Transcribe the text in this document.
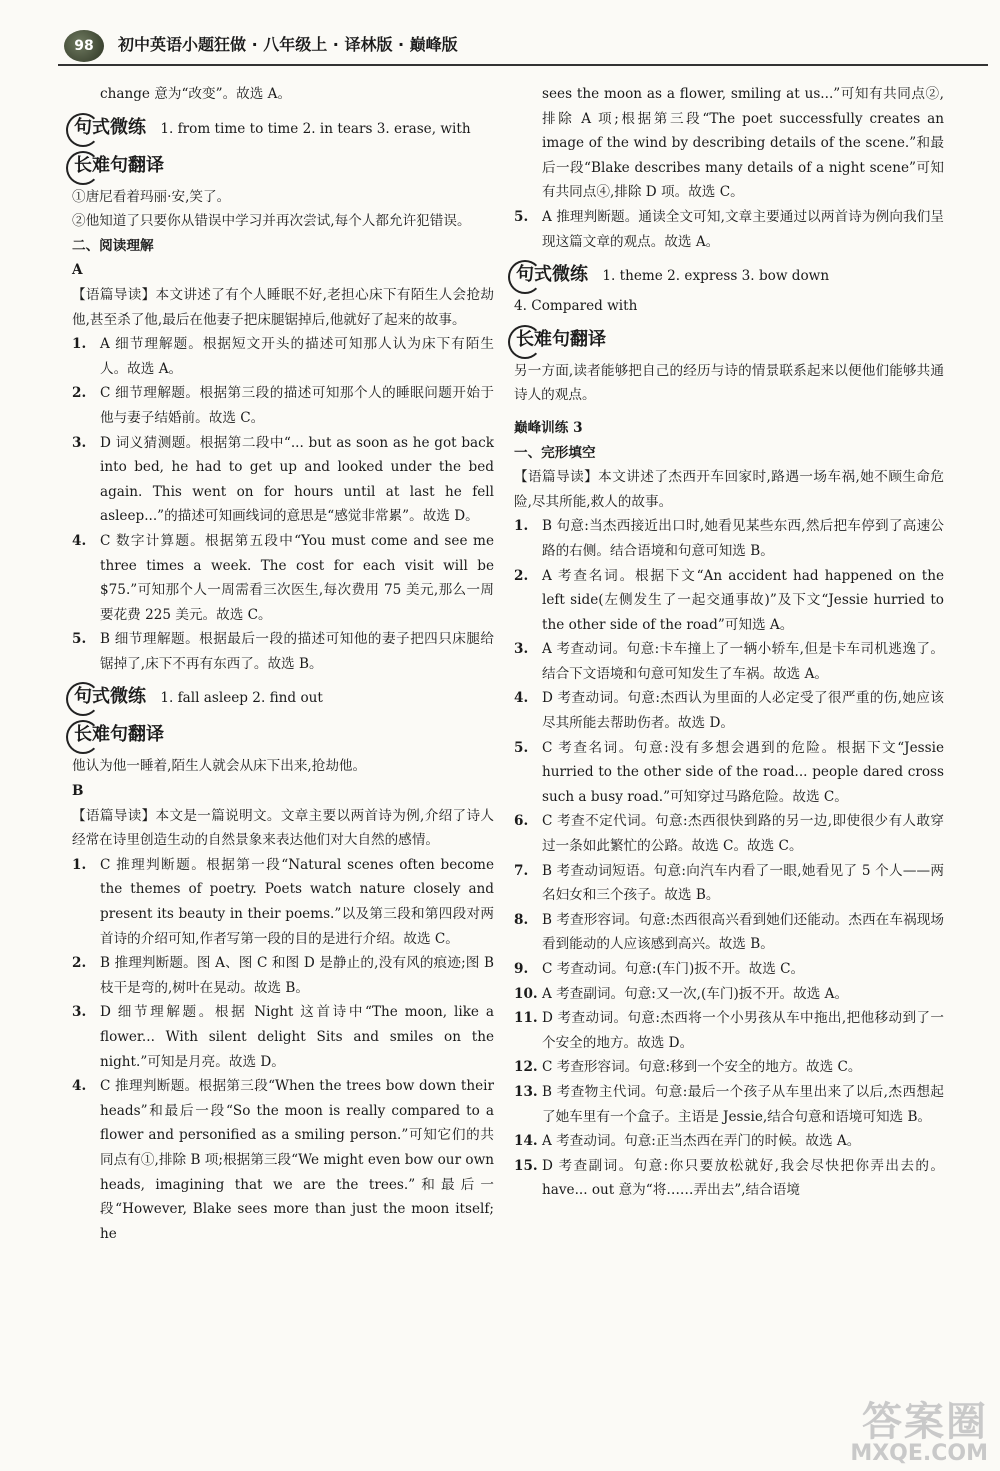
98	初中英语小题狂做 · 八年级上 · 译林版 · 巅峰版

change 意为“改变”。故选 A。

句式微练 1. from time to time 2. in tears 3. erase, with
长难句翻译

①唐尼看着玛丽·安,笑了。

②他知道了只要你从错误中学习并再次尝试,每个人都允许犯错误。

二、阅读理解

A

【语篇导读】本文讲述了有个人睡眠不好,老担心床下有陌生人会抢劫他,甚至杀了他,最后在他妻子把床腿锯掉后,他就好了起来的故事。

1. A 细节理解题。根据短文开头的描述可知那人认为床下有陌生人。故选 A。
2. C 细节理解题。根据第三段的描述可知那个人的睡眠问题开始于他与妻子结婚前。故选 C。
3. D 词义猜测题。根据第二段中“... but as soon as he got back into bed, he had to get up and looked under the bed again. This went on for hours until at last he fell asleep...”的描述可知画线词的意思是“感觉非常累”。故选 D。
4. C 数字计算题。根据第五段中“You must come and see me three times a week. The cost for each visit will be $75.”可知那个人一周需看三次医生,每次费用 75 美元,那么一周要花费 225 美元。故选 C。
5. B 细节理解题。根据最后一段的描述可知他的妻子把四只床腿给锯掉了,床下不再有东西了。故选 B。
句式微练 1. fall asleep 2. find out
长难句翻译

他认为他一睡着,陌生人就会从床下出来,抢劫他。

B

【语篇导读】本文是一篇说明文。文章主要以两首诗为例,介绍了诗人经常在诗里创造生动的自然景象来表达他们对大自然的感情。

1. C 推理判断题。根据第一段“Natural scenes often become the themes of poetry. Poets watch nature closely and present its beauty in their poems.”以及第三段和第四段对两首诗的介绍可知,作者写第一段的目的是进行介绍。故选 C。
2. B 推理判断题。图 A、图 C 和图 D 是静止的,没有风的痕迹;图 B 枝干是弯的,树叶在晃动。故选 B。
3. D 细节理解题。根据 Night 这首诗中“The moon, like a flower... With silent delight Sits and smiles on the night.”可知是月亮。故选 D。
4. C 推理判断题。根据第三段“When the trees bow down their heads”和最后一段“So the moon is really compared to a flower and personified as a smiling person.”可知它们的共同点有①,排除 B 项;根据第三段“We might even bow our own heads, imagining that we are the trees.”和最后一段“However, Blake sees more than just the moon itself; he

sees the moon as a flower, smiling at us...”可知有共同点②,排除 A 项;根据第三段“The poet successfully creates an image of the wind by describing details of the scene.”和最后一段“Blake describes many details of a night scene”可知有共同点④,排除 D 项。故选 C。

5. A 推理判断题。通读全文可知,文章主要通过以两首诗为例向我们呈现这篇文章的观点。故选 A。
句式微练 1. theme 2. express 3. bow down

4. Compared with

长难句翻译

另一方面,读者能够把自己的经历与诗的情景联系起来以便他们能够共通诗人的观点。

巅峰训练 3

一、完形填空

【语篇导读】本文讲述了杰西开车回家时,路遇一场车祸,她不顾生命危险,尽其所能,救人的故事。

1. B 句意:当杰西接近出口时,她看见某些东西,然后把车停到了高速公路的右侧。结合语境和句意可知选 B。
2. A 考查名词。根据下文“An accident had happened on the left side(左侧发生了一起交通事故)”及下文“Jessie hurried to the other side of the road”可知选 A。
3. A 考查动词。句意:卡车撞上了一辆小轿车,但是卡车司机逃逸了。结合下文语境和句意可知发生了车祸。故选 A。
4. D 考查动词。句意:杰西认为里面的人必定受了很严重的伤,她应该尽其所能去帮助伤者。故选 D。
5. C 考查名词。句意:没有多想会遇到的危险。根据下文“Jessie hurried to the other side of the road... people dared cross such a busy road.”可知穿过马路危险。故选 C。
6. C 考查不定代词。句意:杰西很快到路的另一边,即使很少有人敢穿过一条如此繁忙的公路。故选 C。故选 C。
7. B 考查动词短语。句意:向汽车内看了一眼,她看见了 5 个人——两名妇女和三个孩子。故选 B。
8. B 考查形容词。句意:杰西很高兴看到她们还能动。杰西在车祸现场看到能动的人应该感到高兴。故选 B。
9. C 考查动词。句意:(车门)扳不开。故选 C。
10. A 考查副词。句意:又一次,(车门)扳不开。故选 A。
11. D 考查动词。句意:杰西将一个小男孩从车中拖出,把他移动到了一个安全的地方。故选 D。
12. C 考查形容词。句意:移到一个安全的地方。故选 C。
13. B 考查物主代词。句意:最后一个孩子从车里出来了以后,杰西想起了她车里有一个盒子。主语是 Jessie,结合句意和语境可知选 B。
14. A 考查动词。句意:正当杰西在弄门的时候。故选 A。
15. D 考查副词。句意:你只要放松就好,我会尽快把你弄出去的。have... out 意为“将……弄出去”,结合语境
答案圈
MXQE.COM
